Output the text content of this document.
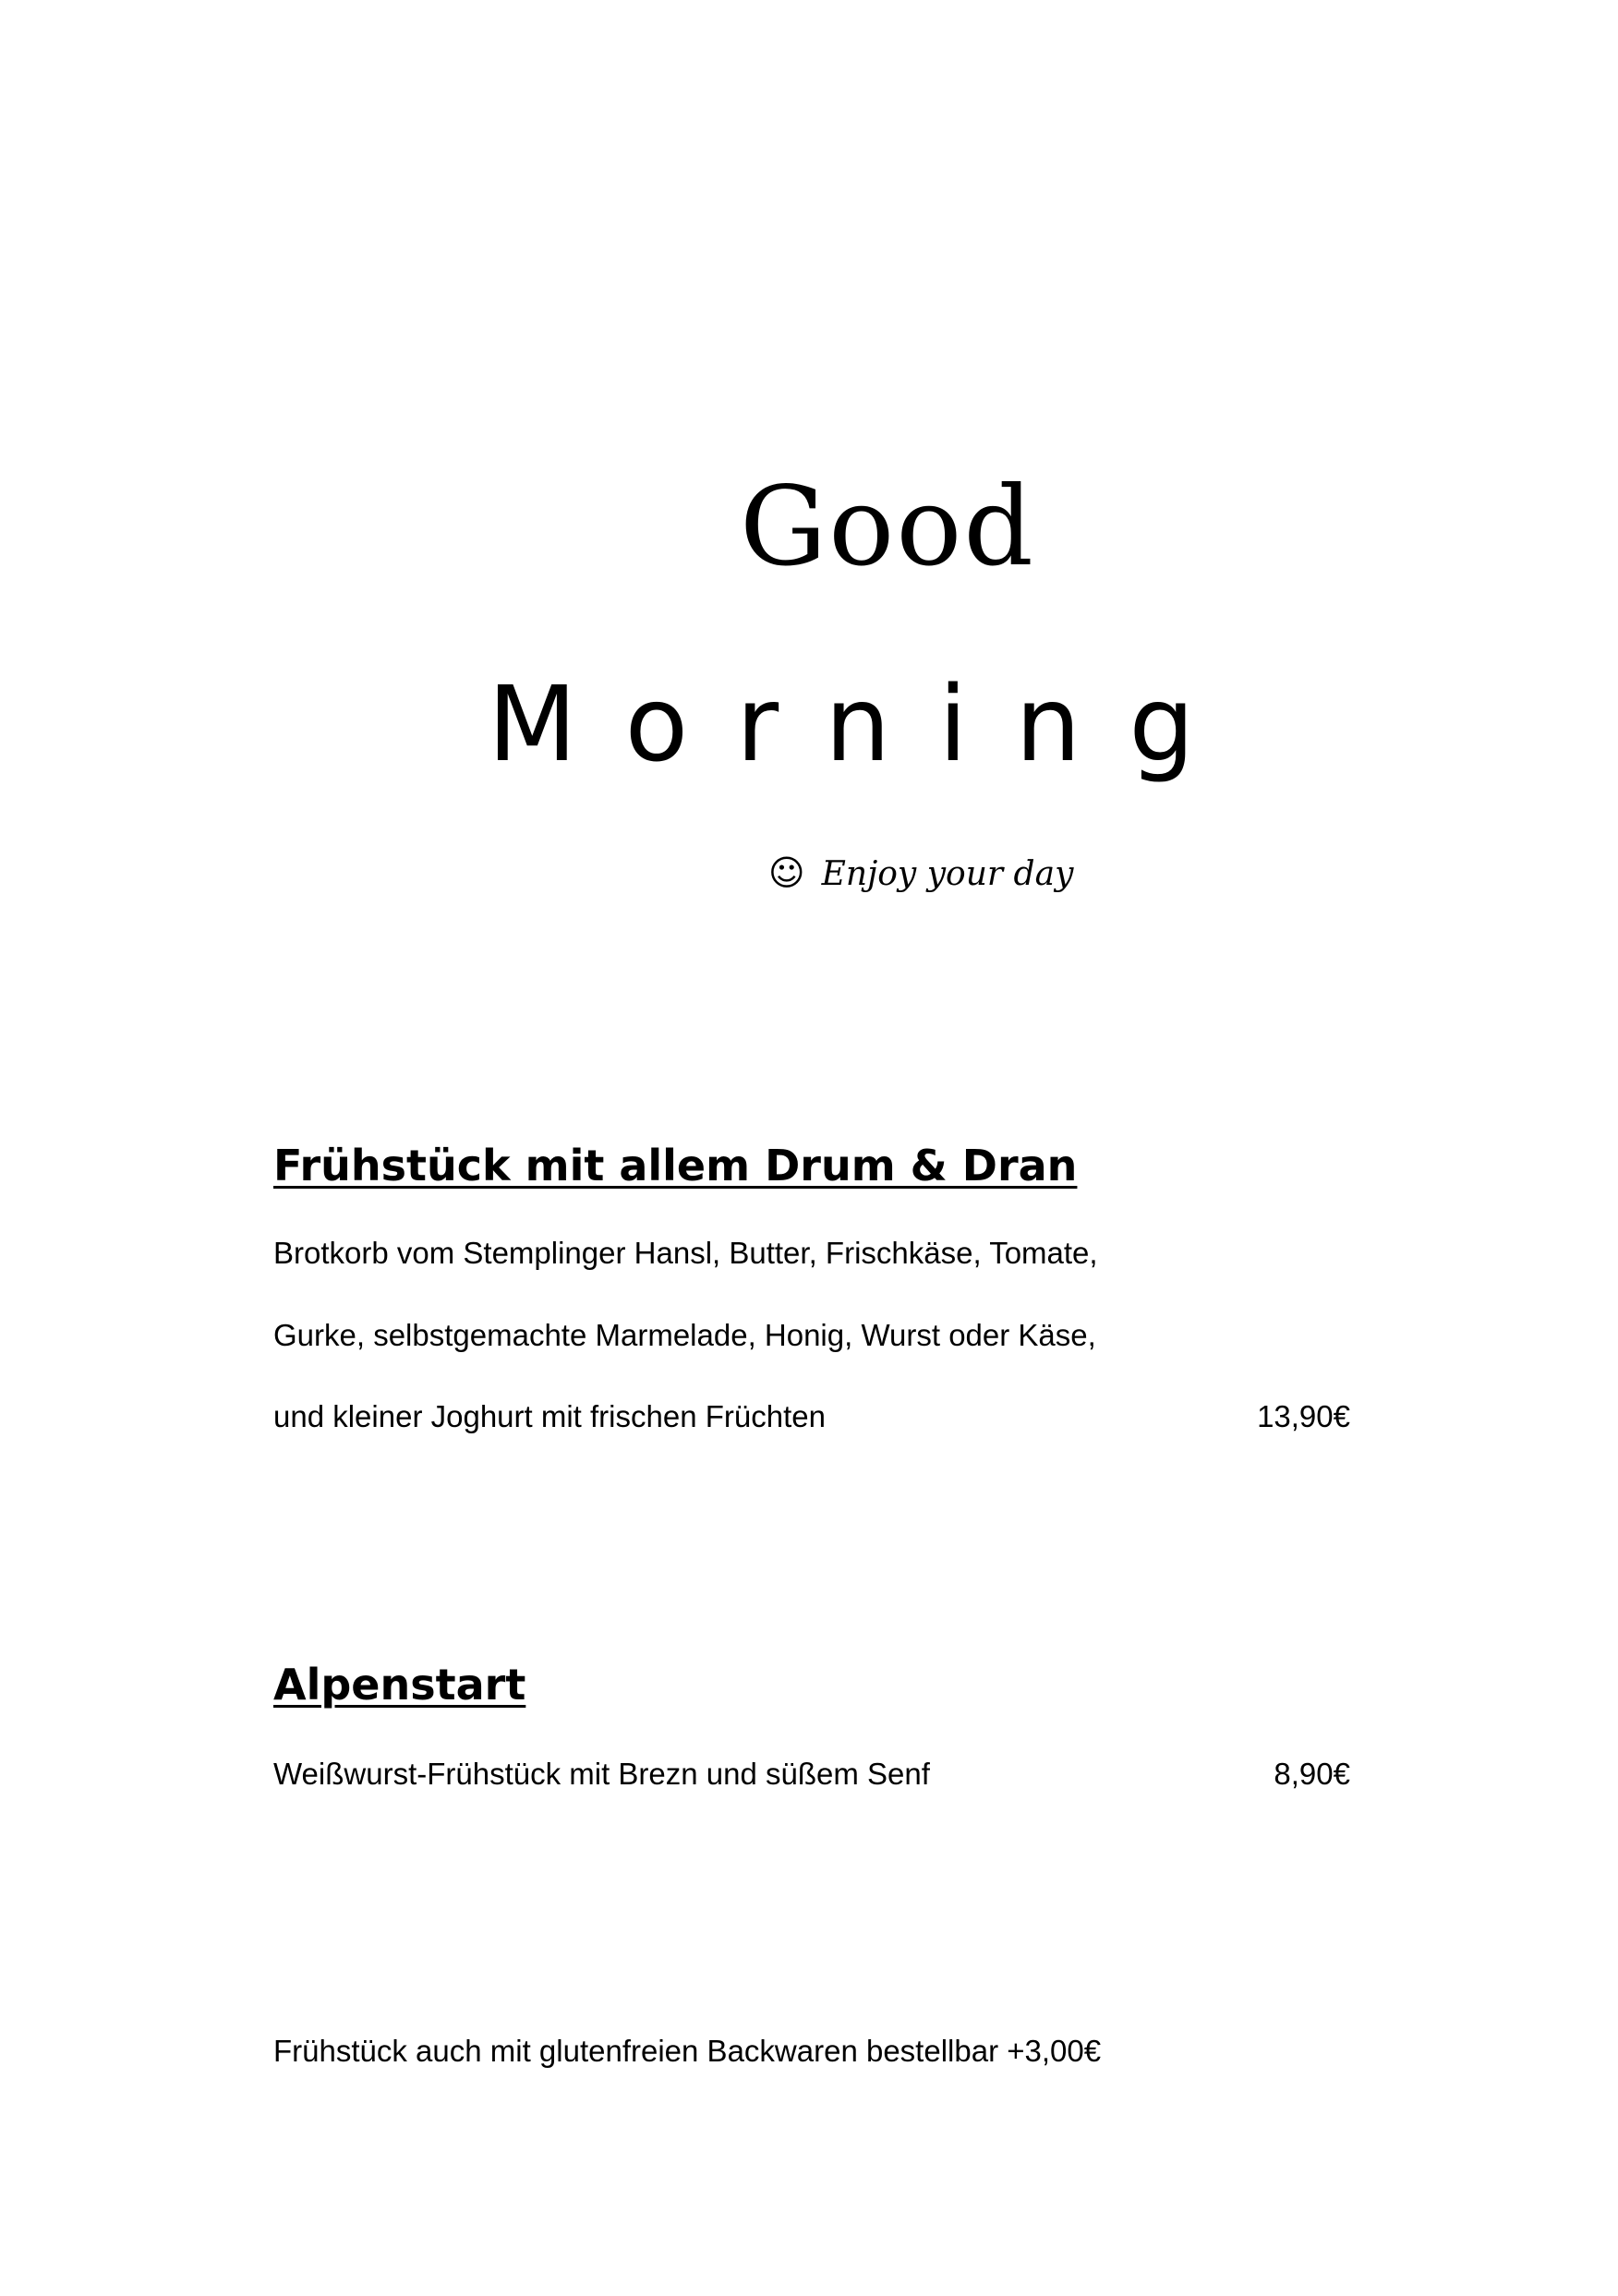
Good
Morning
☺ Enjoy your day
Frühstück mit allem Drum & Dran
Brotkorb vom Stemplinger Hansl, Butter, Frischkäse, Tomate,
Gurke, selbstgemachte Marmelade, Honig, Wurst oder Käse,
und kleiner Joghurt mit frischen Früchten	13,90€
Alpenstart
Weißwurst-Frühstück mit Brezn und süßem Senf	8,90€
Frühstück auch mit glutenfreien Backwaren bestellbar +3,00€
